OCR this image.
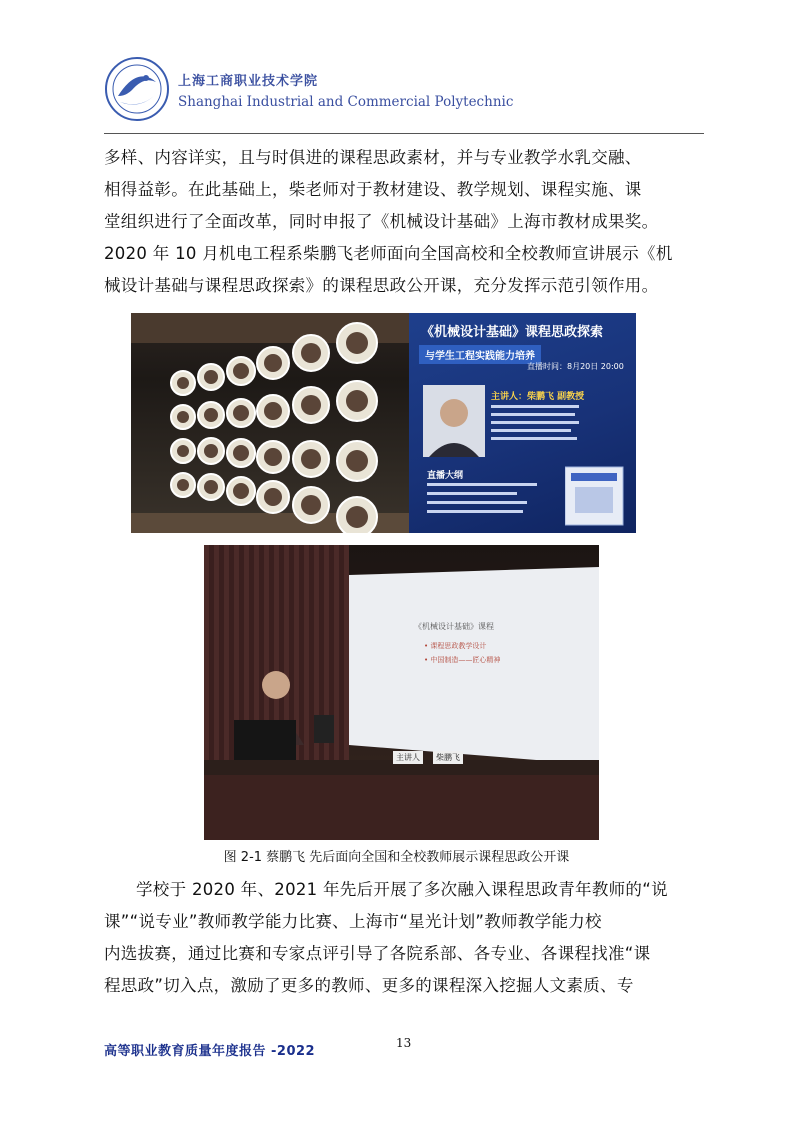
上海工商职业技术学院
Shanghai Industrial and Commercial Polytechnic

多样、内容详实，且与时俱进的课程思政素材，并与专业教学水乳交融、

相得益彰。在此基础上，柴老师对于教材建设、教学规划、课程实施、课

堂组织进行了全面改革，同时申报了《机械设计基础》上海市教材成果奖。

2020 年 10 月机电工程系柴鹏飞老师面向全国高校和全校教师宣讲展示《机

械设计基础与课程思政探索》的课程思政公开课，充分发挥示范引领作用。

《机械设计基础》课程思政探索
与学生工程实践能力培养
直播时间：8月20日 20:00
主讲人：柴鹏飞 副教授
直播大纲
《机械设计基础》课程
• 课程思政教学设计
• 中国制造——匠心精神
主讲人	柴鹏飞
图 2-1 蔡鹏飞 先后面向全国和全校教师展示课程思政公开课

学校于 2020 年、2021 年先后开展了多次融入课程思政青年教师的“说

课”“说专业”教师教学能力比赛、上海市“星光计划”教师教学能力校

内选拔赛，通过比赛和专家点评引导了各院系部、各专业、各课程找准“课

程思政”切入点，激励了更多的教师、更多的课程深入挖掘人文素质、专

高等职业教育质量年度报告 -2022
13
